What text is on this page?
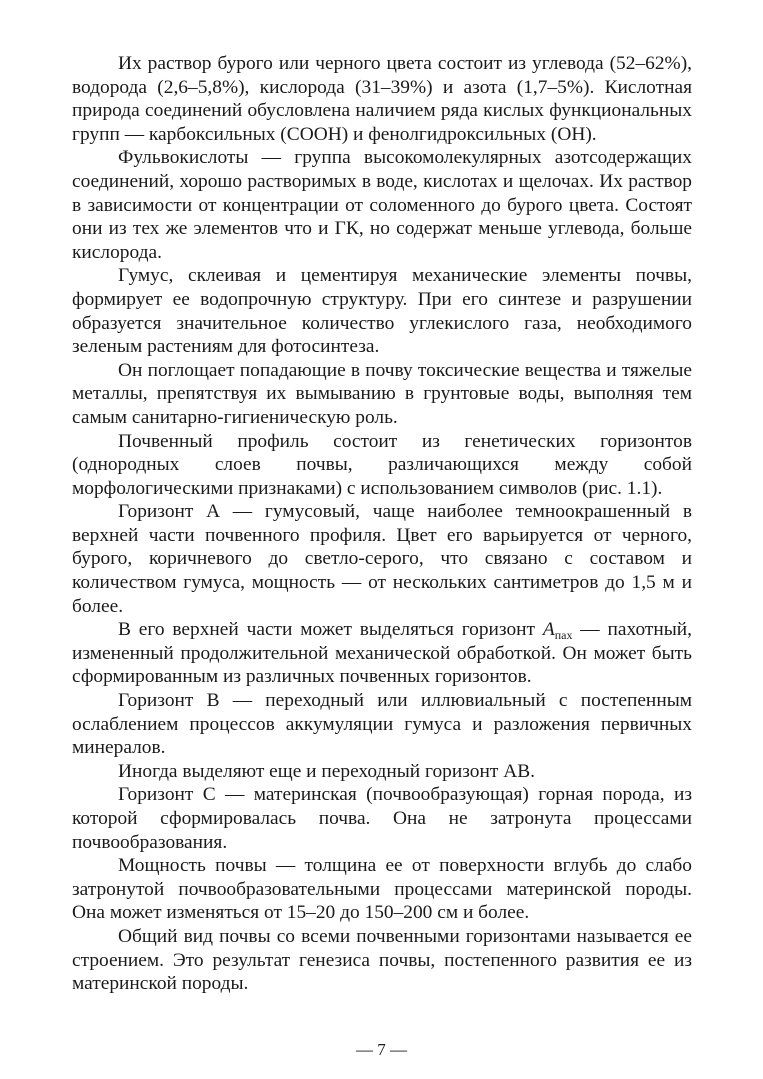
Их раствор бурого или черного цвета состоит из углевода (52–62%), водорода (2,6–5,8%), кислорода (31–39%) и азота (1,7–5%). Кислотная природа соединений обусловлена наличием ряда кислых функциональных групп — карбоксильных (СООН) и фенолгидроксильных (ОН).

Фульвокислоты — группа высокомолекулярных азотсодержащих соединений, хорошо растворимых в воде, кислотах и щелочах. Их раствор в зависимости от концентрации от соломенного до бурого цвета. Состоят они из тех же элементов что и ГК, но содержат меньше углевода, больше кислорода.

Гумус, склеивая и цементируя механические элементы почвы, формирует ее водопрочную структуру. При его синтезе и разрушении образуется значительное количество углекислого газа, необходимого зеленым растениям для фотосинтеза.

Он поглощает попадающие в почву токсические вещества и тяжелые металлы, препятствуя их вымыванию в грунтовые воды, выполняя тем самым санитарно-гигиеническую роль.

Почвенный профиль состоит из генетических горизонтов (однородных слоев почвы, различающихся между собой морфологическими признаками) с использованием символов (рис. 1.1).

Горизонт А — гумусовый, чаще наиболее темноокрашенный в верхней части почвенного профиля. Цвет его варьируется от черного, бурого, коричневого до светло-серого, что связано с составом и количеством гумуса, мощность — от нескольких сантиметров до 1,5 м и более.

В его верхней части может выделяться горизонт $A_{пах}$ — пахотный, измененный продолжительной механической обработкой. Он может быть сформированным из различных почвенных горизонтов.

Горизонт В — переходный или иллювиальный с постепенным ослаблением процессов аккумуляции гумуса и разложения первичных минералов.

Иногда выделяют еще и переходный горизонт АВ.

Горизонт С — материнская (почвообразующая) горная порода, из которой сформировалась почва. Она не затронута процессами почвообразования.

Мощность почвы — толщина ее от поверхности вглубь до слабо затронутой почвообразовательными процессами материнской породы. Она может изменяться от 15–20 до 150–200 см и более.

Общий вид почвы со всеми почвенными горизонтами называется ее строением. Это результат генезиса почвы, постепенного развития ее из материнской породы.

— 7 —
